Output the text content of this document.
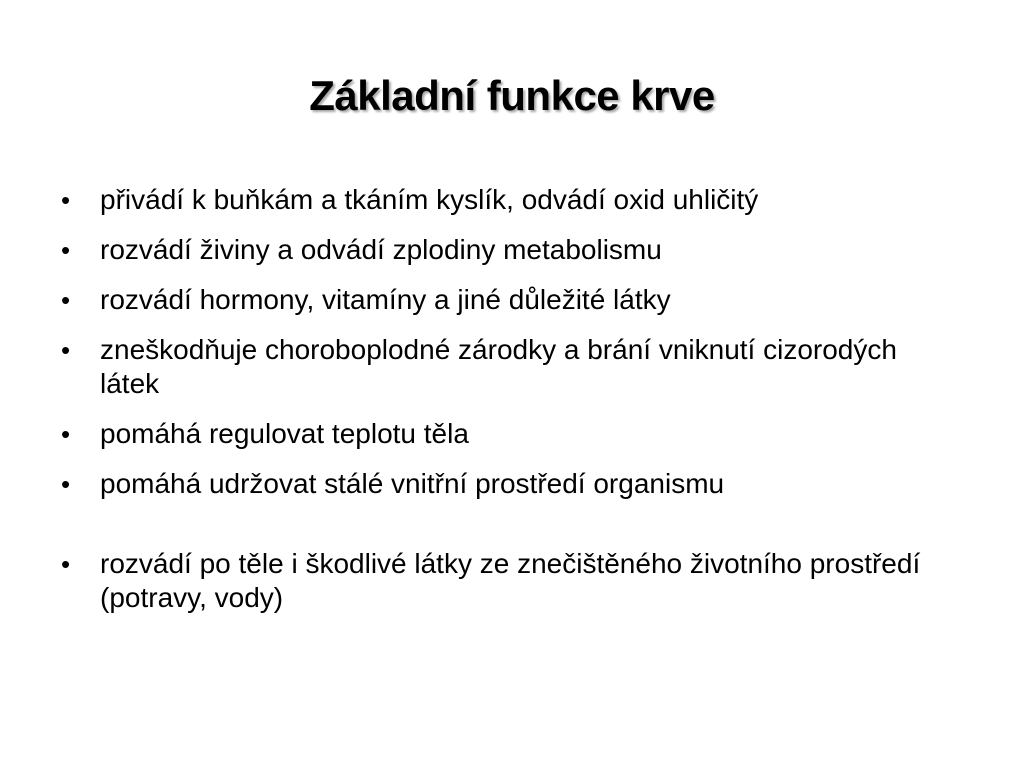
Základní funkce krve
•	přivádí k buňkám a tkáním kyslík, odvádí oxid uhličitý
•	rozvádí živiny a odvádí zplodiny metabolismu
•	rozvádí hormony, vitamíny a jiné důležité látky
•	zneškodňuje choroboplodné zárodky a brání vniknutí cizorodých látek
•	pomáhá regulovat teplotu těla
•	pomáhá udržovat stálé vnitřní prostředí organismu
•	rozvádí po těle i škodlivé látky ze znečištěného životního prostředí (potravy, vody)
